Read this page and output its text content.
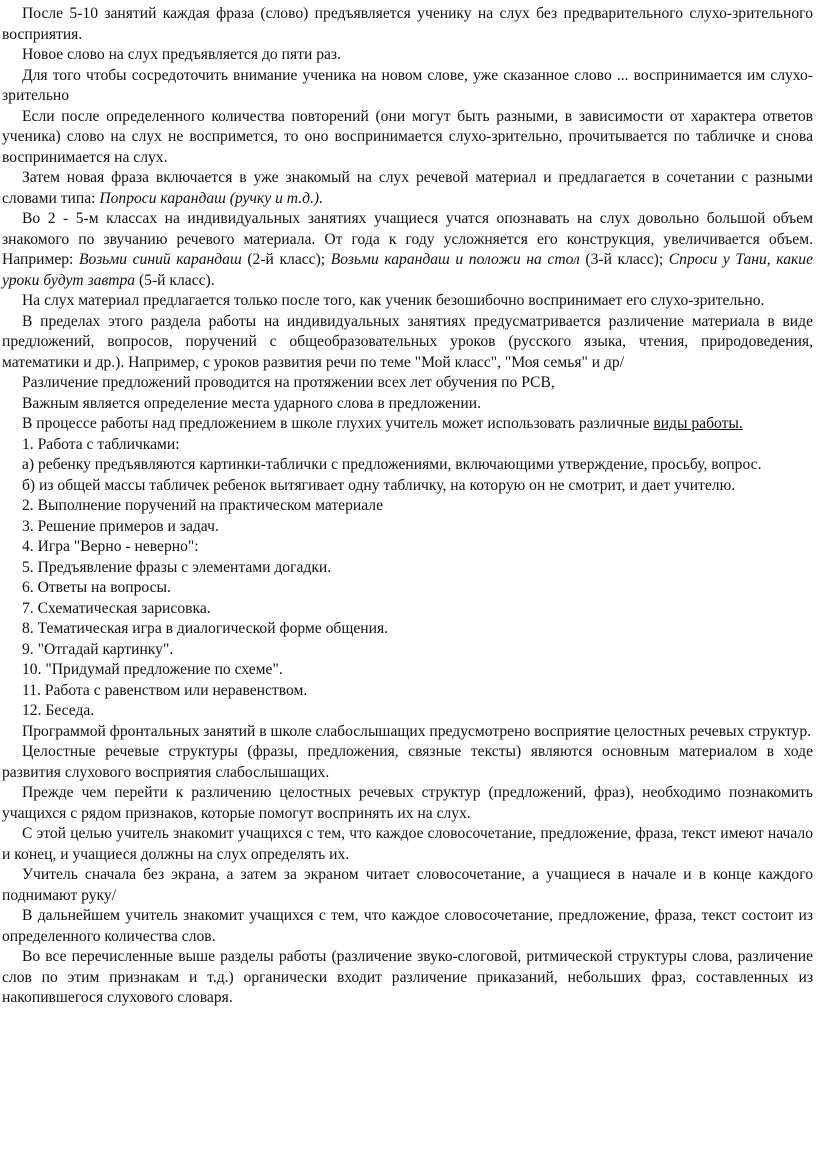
После 5-10 занятий каждая фраза (слово) предъявляется ученику на слух без предварительного слухо-зрительного восприятия.

Новое слово на слух предъявляется до пяти раз.

Для того чтобы сосредоточить внимание ученика на новом слове, уже сказанное слово ... воспринимается им слухо-зрительно

Если после определенного количества повторений (они могут быть разными, в зависимости от характера ответов ученика) слово на слух не воспримется, то оно воспринимается слухо-зрительно, прочитывается по табличке и снова воспринимается на слух.

Затем новая фраза включается в уже знакомый на слух речевой материал и предлагается в сочетании с разными словами типа: Попроси карандаш (ручку и т.д.).

Во 2 - 5-м классах на индивидуальных занятиях учащиеся учатся опознавать на слух довольно большой объем знакомого по звучанию речевого материала. От года к году усложняется его конструкция, увеличивается объем. Например: Возьми синий карандаш (2-й класс); Возьми карандаш и положи на стол (3-й класс); Спроси у Тани, какие уроки будут завтра (5-й класс).

На слух материал предлагается только после того, как ученик безошибочно воспринимает его слухо-зрительно.

В пределах этого раздела работы на индивидуальных занятиях предусматривается различение материала в виде предложений, вопросов, поручений с общеобразовательных уроков (русского языка, чтения, природоведения, математики и др.). Например, с уроков развития речи по теме "Мой класс", "Моя семья" и др/

Различение предложений проводится на протяжении всех лет обучения по РСВ,

Важным является определение места ударного слова в предложении.

В процессе работы над предложением в школе глухих учитель может использовать различные виды работы.

1. Работа с табличками:

а) ребенку предъявляются картинки-таблички с предложениями, включающими утверждение, просьбу, вопрос.

б) из общей массы табличек ребенок вытягивает одну табличку, на которую он не смотрит, и дает учителю.

2. Выполнение поручений на практическом материале

3. Решение примеров и задач.

4. Игра "Верно - неверно":

5. Предъявление фразы с элементами догадки.

6. Ответы на вопросы.

7. Схематическая зарисовка.

8. Тематическая игра в диалогической форме общения.

9. "Отгадай картинку".

10. "Придумай предложение по схеме".

11. Работа с равенством или неравенством.

12. Беседа.

Программой фронтальных занятий в школе слабослышащих предусмотрено восприятие целостных речевых структур.

Целостные речевые структуры (фразы, предложения, связные тексты) являются основным материалом в ходе развития слухового восприятия слабослышащих.

Прежде чем перейти к различению целостных речевых структур (предложений, фраз), необходимо познакомить учащихся с рядом признаков, которые помогут воспринять их на слух.

С этой целью учитель знакомит учащихся с тем, что каждое словосочетание, предложение, фраза, текст имеют начало и конец, и учащиеся должны на слух определять их.

Учитель сначала без экрана, а затем за экраном читает словосочетание, а учащиеся в начале и в конце каждого поднимают руку/

В дальнейшем учитель знакомит учащихся с тем, что каждое словосочетание, предложение, фраза, текст состоит из определенного количества слов.

Во все перечисленные выше разделы работы (различение звуко-слоговой, ритмической структуры слова, различение слов по этим признакам и т.д.) органически входит различение приказаний, небольших фраз, составленных из накопившегося слухового словаря.
